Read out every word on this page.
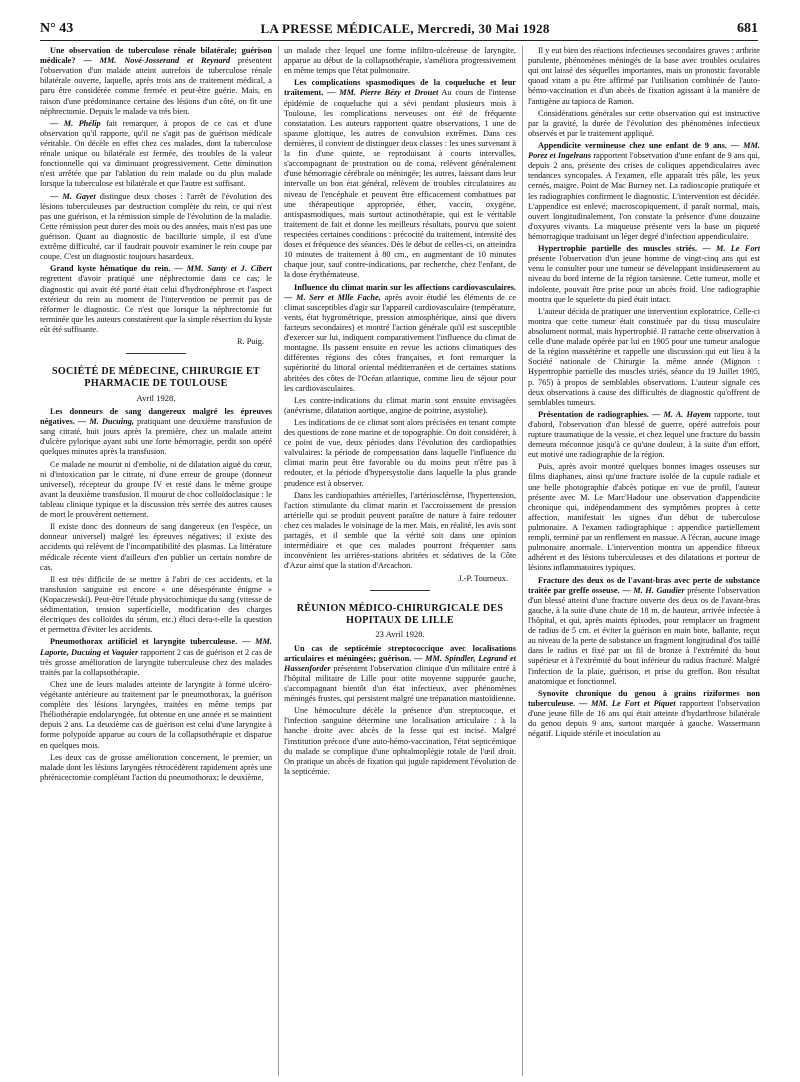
N° 43	LA PRESSE MÉDICALE, Mercredi, 30 Mai 1928	681

Une observation de tuberculose rénale bilatérale; guérison médicale? — MM. Nové-Josserand et Reynard présentent l'observation d'un malade atteint autrefois de tuberculose rénale bilatérale ouverte, laquelle, après trois ans de traitement médical, a paru être considérée comme fermée et peut-être guérie. Mais, en raison d'une prédominance certaine des lésions d'un côté, on fit une néphrectomie. Depuis le malade va très bien.

— M. Phélip fait remarquer, à propos de ce cas et d'une observation qu'il rapporte, qu'il ne s'agit pas de guérison médicale véritable. On décèle en effet chez ces malades, dont la tuberculose rénale unique ou bilatérale est fermée, des troubles de la valeur fonctionnelle qui va diminuant progressivement. Cette diminution n'est arrêtée que par l'ablation du rein malade ou du plus malade lorsque la tuberculose est bilatérale et que l'autre est suffisant.

— M. Gayet distingue deux choses : l'arrêt de l'évolution des lésions tuberculeuses par destruction complète du rein, ce qui n'est pas une guérison, et la rémission simple de l'évolution de la maladie. Cette rémission peut durer des mois ou des années, mais n'est pas une guérison. Quant au diagnostic de bacillurie simple, il est d'une extrême difficulté, car il faudrait pouvoir examiner le rein coupe par coupe. C'est un diagnostic toujours hasardeux.

Grand kyste hématique du rein. — MM. Santy et J. Cibert regrettent d'avoir pratiqué une néphrectomie dans ce cas; le diagnostic qui avait été porté était celui d'hydronéphrose et l'aspect extérieur du rein au moment de l'intervention ne permit pas de réformer le diagnostic. Ce n'est que lorsque la néphrectomie fut terminée que les auteurs constatèrent que la simple résection du kyste eût été suffisante.

R. Puig.
SOCIÉTÉ DE MÉDECINE, CHIRURGIE ET PHARMACIE DE TOULOUSE
Avril 1928.

Les donneurs de sang dangereux malgré les épreuves négatives. — M. Ducuing, pratiquant une deuxième transfusion de sang citraté, huit jours après la première, chez un malade atteint d'ulcère pylorique ayant subi une forte hémorragie, perdit son opéré quelques minutes après la transfusion.

Ce malade ne mourut ni d'embolie, ni de dilatation aiguë du cœur, ni d'intoxication par le citrate, ni d'une erreur de groupe (donneur universel), récepteur du groupe IV et resté dans le même groupe avant la deuxième transfusion. Il mourut de choc colloïdoclasique : le tableau clinique typique et la discussion très serrée des autres causes de mort le prouvèrent nettement.

Il existe donc des donneurs de sang dangereux (en l'espèce, un donneur universel) malgré les épreuves négatives; il existe des accidents qui relèvent de l'incompatibilité des plasmas. La littérature médicale récente vient d'ailleurs d'en publier un certain nombre de cas.

Il est très difficile de se mettre à l'abri de ces accidents, et la transfusion sanguine est encore « une désespérante énigme » (Kopaczewski). Peut-être l'étude physicochimique du sang (vitesse de sédimentation, tension superficielle, modification des charges électriques des colloïdes du sérum, etc.) éluci dera-t-elle la question et permettra d'éviter les accidents.

Pneumothorax artificiel et laryngite tuberculeuse. — MM. Laporte, Ducuing et Vaquier rapportent 2 cas de guérison et 2 cas de très grosse amélioration de laryngite tuberculeuse chez des malades traités par la collapsothérapie.

Chez une de leurs malades atteinte de laryngite à forme ulcéro-végétante antérieure au traitement par le pneumothorax, la guérison complète des lésions laryngées, traitées en même temps par l'héliothérapie endolaryngée, fut obtenue en une année et se maintient depuis 2 ans. La deuxième cas de guérison est celui d'une laryngite à forme polypoïde apparue au cours de la collapsothérapie et disparue en quelques mois.

Les deux cas de grosse amélioration concernent, le premier, un malade dont les lésions laryngées rétrocédèrent rapidement après une phrénicectomie complétant l'action du pneumothorax; le deuxième,

un malade chez lequel une forme infiltro-ulcéreuse de laryngite, apparue au début de la collapsothérapie, s'améliora progressivement en même temps que l'état pulmonaire.

Les complications spasmodiques de la coqueluche et leur traitement. — MM. Pierre Bézy et Drouet Au cours de l'intense épidémie de coqueluche qui a sévi pendant plusieurs mois à Toulouse, les complications nerveuses ont été de fréquente constatation. Les auteurs rapportent quatre observations, 1 une de spasme glottique, les autres de convulsion extrêmes. Dans ces dernières, il convient de distinguer deux classes : les unes survenant à la fin d'une quinte, se reproduisant à courts intervalles, s'accompagnant de prostration ou de coma, relèvent généralement d'une hémorragie cérébrale ou méningée; les autres, laissant dans leur intervalle un bon état général, relèvent de troubles circulatoires au niveau de l'encéphale et peuvent être efficacement combattues par une thérapeutique appropriée, éther, vaccin, oxygène, antispasmodiques, mais surtout actinothérapie, qui est le véritable traitement de fait et donne les meilleurs résultats, pourvu que soient respectées certaines conditions : précocité du traitement, intensité des doses et fréquence des séances. Dès le début de celles-ci, on atteindra 10 minutes de traitement à 80 cm., en augmentant de 10 minutes chaque jour, sauf contre-indications, par recherche, chez l'enfant, de la dose érythémateuse.

Influence du climat marin sur les affections cardiovasculaires. — M. Serr et Mlle Fache, après avoir étudié les éléments de ce climat susceptibles d'agir sur l'appareil cardiovasculaire (température, vents, état hygrométrique, pression atmosphérique, ainsi que divers facteurs secondaires) et montré l'action générale qu'il est susceptible d'exercer sur lui, indiquent comparativement l'influence du climat de montagne. Ils passent ensuite en revue les actions climatiques des différentes régions des côtes françaises, et font remarquer la supériorité du littoral oriental méditerranéen et de certaines stations abritées des côtes de l'Océan atlantique, comme lieu de séjour pour les cardiovasculaires.

Les contre-indications du climat marin sont ensuite envisagées (anévrisme, dilatation aortique, angine de poitrine, asystolie).

Les indications de ce climat sont alors précisées en tenant compte des questions de zone marine et de topographie. On doit considérer, à ce point de vue, deux périodes dans l'évolution des cardiopathies valvulaires: la période de compensation dans laquelle l'influence du climat marin peut être favorable ou du moins peut n'être pas à redouter, et la période d'hypersystolie dans laquelle la plus grande prudence est à observer.

Dans les cardiopathies artérielles, l'artériosclérose, l'hypertension, l'action stimulante du climat marin et l'accroissement de pression artérielle qui se produit peuvent paraître de nature à faire redouter chez ces malades le voisinage de la mer. Mais, en réalité, les avis sont partagés, et il semble que la vérité soit dans une opinion intermédiaire et que ces malades pourront fréquenter sans inconvénient les arrières-stations abritées et sédatives de la Côte d'Azur ainsi que la station d'Arcachon.

J.-P. Tourneux.
RÉUNION MÉDICO-CHIRURGICALE DES HOPITAUX DE LILLE
23 Avril 1928.

Un cas de septicémie streptococcique avec localisations articulaires et méningées; guérison. — MM. Spindler, Legrand et Hassenforder présentent l'observation clinique d'un militaire entré à l'hôpital militaire de Lille pour otite moyenne suppurée gauche, s'accompagnant bientôt d'un état infectieux, avec phénomènes méningés frustes, qui persistent malgré une trépanation mastoïdienne.

Une hémoculture décèle la présence d'un streptocoque, et l'infection sanguine détermine une localisation articulaire : à la hanche droite avec abcès de la fesse qui est incisé. Malgré l'institution précoce d'une auto-hémo-vaccination, l'état septicémique du malade se complique d'une ophtalmoplégie totale de l'œil droit. On pratique un abcès de fixation qui jugule rapidement l'évolution de la septicémie.

Il y eut bien des réactions infectieuses secondaires graves : arthrite purulente, phénomènes méningés de la base avec troubles oculaires qui ont laissé des séquelles importantes, mais un pronostic favorable quoad vitam a pu être affirmé par l'utilisation combinée de l'auto-hémo-vaccination et d'un abcès de fixation agissant à la manière de l'antigène au tapioca de Ramon.

Considérations générales sur cette observation qui est instructive par la gravité, la durée de l'évolution des phénomènes infectieux observés et par le traitement appliqué.

Appendicite vermineuse chez une enfant de 9 ans. — MM. Porez et Ingelrans rapportent l'observation d'une enfant de 9 ans qui, depuis 2 ans, présente des crises de coliques appendiculaires avec tendances syncopales. A l'examen, elle apparaît très pâle, les yeux cernés, maigre. Point de Mac Burney net. La radioscopie pratiquée et les radiographies confirment le diagnostic. L'intervention est décidée. L'appendice est enlevé; macroscopiquement, il paraît normal, mais, ouvert longitudinalement, l'on constate la présence d'une douzaine d'oxyures vivants. La muqueuse présente vers la base un piqueté hémorragique traduisant un léger degré d'infection appendiculaire.

Hypertrophie partielle des muscles striés. — M. Le Fort présente l'observation d'un jeune homme de vingt-cinq ans qui est venu le consulter pour une tumeur se développant insidieusement au niveau du bord interne de la région tarsienne. Cette tumeur, molle et indolente, pouvait être prise pour un abcès froid. Une radiographie montra que le squelette du pied était intact.

L'auteur décida de pratiquer une intervention exploratrice. Celle-ci montra que cette tumeur était constituée par du tissu musculaire absolument normal, mais hypertrophié. Il rattache cette observation à celle d'une malade opérée par lui en 1905 pour une tumeur analogue de la région massétérine et rappelle une discussion qui eut lieu à la Société nationale de Chirurgie la même année (Mignon : Hypertrophie partielle des muscles striés, séance du 19 Juillet 1905, p. 765) à propos de semblables observations. L'auteur signale ces deux observations à cause des difficultés de diagnostic qu'offrent de semblables tumeurs.

Présentation de radiographies. — M. A. Hayem rapporte, tout d'abord, l'observation d'un blessé de guerre, opéré autrefois pour rupture traumatique de la vessie, et chez lequel une fracture du bassin demeura méconnue jusqu'à ce qu'une douleur, à la suite d'un effort, eut motivé une radiographie de la région.

Puis, après avoir montré quelques bonnes images osseuses sur films diaphanes, ainsi qu'une fracture isolée de la cupule radiale et une belle photographie d'abcès potique en vue de profil, l'auteur présente avec M. Le Marc'Hadour une observation d'appendicite chronique qui, indépendamment des symptômes propres à cette affection, manifestait les signes d'un début de tuberculose pulmonaire. A l'examen radiographique : appendice partiellement rempli, terminé par un renflement en massue. A l'écran, aucune image pulmonaire anormale. L'intervention montra un appendice fibreux adhérent et des lésions tuberculeuses et des dilatations et porteur de lésions inflammatoires typiques.

Fracture des deux os de l'avant-bras avec perte de substance traitée par greffe osseuse. — M. H. Gaudier présente l'observation d'un blessé atteint d'une fracture ouverte des deux os de l'avant-bras gauche, à la suite d'une chute de 18 m. de hauteur, arrivée infectée à l'hôpital, et qui, après maints épisodes, pour remplacer un fragment de radius de 5 cm. et éviter la guérison en main bote, ballante, reçut au niveau de la perte de substance un fragment longitudinal d'os taillé dans le radius et fixé par un fil de bronze à l'extrémité du bout supérieur et à l'extrémité du bout inférieur du radius fracturé. Malgré l'infection de la plaie, guérison, et prise du greffon. Bon résultat anatomique et fonctionnel.

Synovite chronique du genou à grains riziformes non tuberculeuse. — MM. Le Fort et Piquet rapportent l'observation d'une jeune fille de 16 ans qui était atteinte d'hydarthrose bilatérale du genou depuis 9 ans, surtout marquée à gauche. Wassermann négatif. Liquide stérile et inoculation au
